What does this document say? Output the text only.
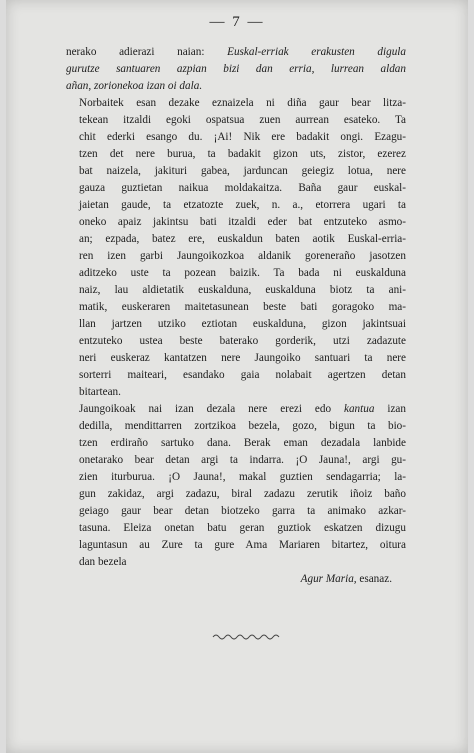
— 7 —

nerako adierazi naian: Euskal-erriak erakusten digula
gurutze santuaren azpian bizi dan erria, lurrean aldan
añan, zorionekoa izan oi dala.

Norbaitek esan dezake eznaizela ni diña gaur bear litza-
tekean itzaldi egoki ospatsua zuen aurrean esateko. Ta
chit ederki esango du. ¡Ai! Nik ere badakit ongi. Ezagu-
tzen det nere burua, ta badakit gizon uts, zistor, ezerez
bat naizela, jakituri gabea, jarduncan geiegiz lotua, nere
gauza guztietan naikua moldakaitza. Baña gaur euskal-
jaietan gaude, ta etzatozte zuek, n. a., etorrera ugari ta
oneko apaiz jakintsu bati itzaldi eder bat entzuteko asmo-
an; ezpada, batez ere, euskaldun baten aotik Euskal-erria-
ren izen garbi Jaungoikozkoa aldanik goreneraño jasotzen
aditzeko uste ta pozean baizik. Ta bada ni euskalduna
naiz, lau aldietatik euskalduna, euskalduna biotz ta ani-
matik, euskeraren maitetasunean beste bati goragoko ma-
llan jartzen utziko eztiotan euskalduna, gizon jakintsuai
entzuteko ustea beste baterako gorderik, utzi zadazute
neri euskeraz kantatzen nere Jaungoiko santuari ta nere
sorterri maiteari, esandako gaia nolabait agertzen detan
bitartean.

Jaungoikoak nai izan dezala nere erezi edo kantua izan
dedilla, mendittarren zortzikoa bezela, gozo, bigun ta bio-
tzen erdiraño sartuko dana. Berak eman dezadala lanbide
onetarako bear detan argi ta indarra. ¡O Jauna!, argi gu-
zien iturburua. ¡O Jauna!, makal guztien sendagarria; la-
gun zakidaz, argi zadazu, biral zadazu zerutik iñoiz baño
geiago gaur bear detan biotzeko garra ta animako azkar-
tasuna. Eleiza onetan batu geran guztiok eskatzen dizugu
laguntasun au Zure ta gure Ama Mariaren bitartez, oitura
dan bezela

Agur Maria, esanaz.
